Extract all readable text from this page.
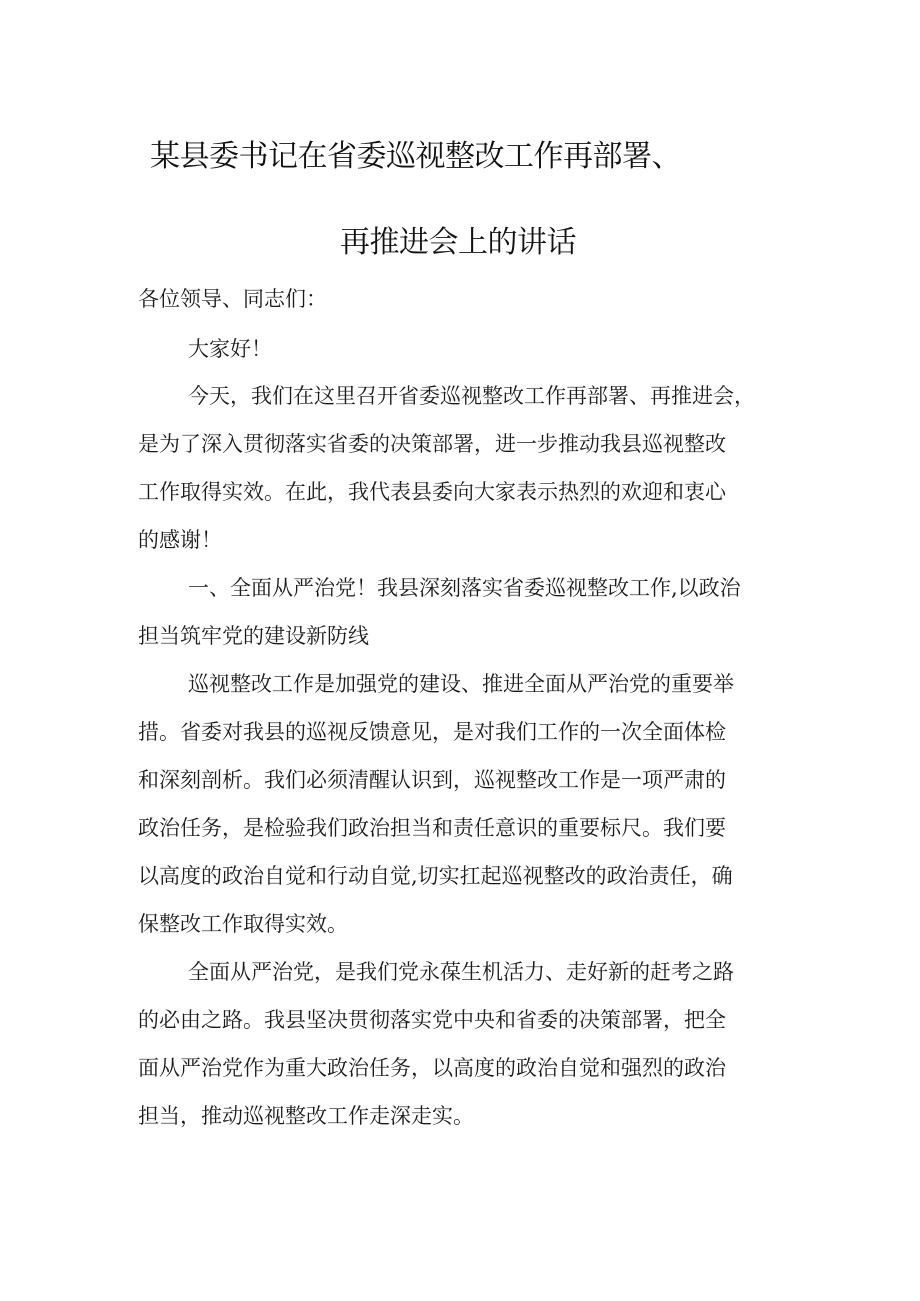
某县委书记在省委巡视整改工作再部署、
再推进会上的讲话
各位领导、同志们：
大家好！
今天，我们在这里召开省委巡视整改工作再部署、再推进会，
是为了深入贯彻落实省委的决策部署，进一步推动我县巡视整改
工作取得实效。在此，我代表县委向大家表示热烈的欢迎和衷心
的感谢！
一、全面从严治党！我县深刻落实省委巡视整改工作,以政治
担当筑牢党的建设新防线
巡视整改工作是加强党的建设、推进全面从严治党的重要举
措。省委对我县的巡视反馈意见，是对我们工作的一次全面体检
和深刻剖析。我们必须清醒认识到，巡视整改工作是一项严肃的
政治任务，是检验我们政治担当和责任意识的重要标尺。我们要
以高度的政治自觉和行动自觉,切实扛起巡视整改的政治责任，确
保整改工作取得实效。
全面从严治党，是我们党永葆生机活力、走好新的赶考之路
的必由之路。我县坚决贯彻落实党中央和省委的决策部署，把全
面从严治党作为重大政治任务，以高度的政治自觉和强烈的政治
担当，推动巡视整改工作走深走实。
